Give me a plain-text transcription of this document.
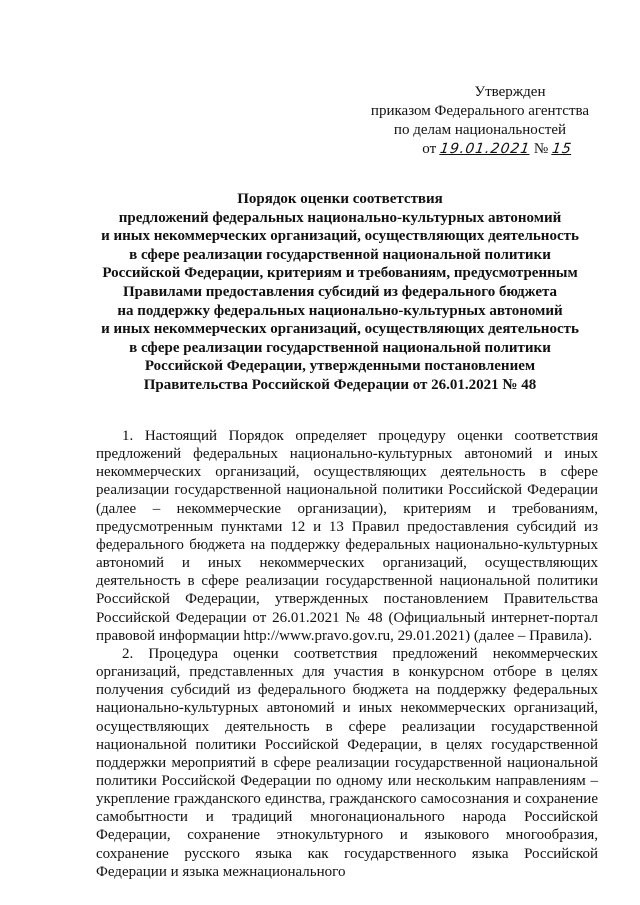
Утвержден
приказом Федерального агентства
по делам национальностей
от 19.01.2021 № 15
Порядок оценки соответствия
предложений федеральных национально-культурных автономий
и иных некоммерческих организаций, осуществляющих деятельность
в сфере реализации государственной национальной политики
Российской Федерации, критериям и требованиям, предусмотренным
Правилами предоставления субсидий из федерального бюджета
на поддержку федеральных национально-культурных автономий
и иных некоммерческих организаций, осуществляющих деятельность
в сфере реализации государственной национальной политики
Российской Федерации, утвержденными постановлением
Правительства Российской Федерации от 26.01.2021 № 48

1. Настоящий Порядок определяет процедуру оценки соответствия предложений федеральных национально-культурных автономий и иных некоммерческих организаций, осуществляющих деятельность в сфере реализации государственной национальной политики Российской Федерации (далее – некоммерческие организации), критериям и требованиям, предусмотренным пунктами 12 и 13 Правил предоставления субсидий из федерального бюджета на поддержку федеральных национально-культурных автономий и иных некоммерческих организаций, осуществляющих деятельность в сфере реализации государственной национальной политики Российской Федерации, утвержденных постановлением Правительства Российской Федерации от 26.01.2021 № 48 (Официальный интернет-портал правовой информации http://www.pravo.gov.ru, 29.01.2021) (далее – Правила).

2. Процедура оценки соответствия предложений некоммерческих организаций, представленных для участия в конкурсном отборе в целях получения субсидий из федерального бюджета на поддержку федеральных национально-культурных автономий и иных некоммерческих организаций, осуществляющих деятельность в сфере реализации государственной национальной политики Российской Федерации, в целях государственной поддержки мероприятий в сфере реализации государственной национальной политики Российской Федерации по одному или нескольким направлениям – укрепление гражданского единства, гражданского самосознания и сохранение самобытности и традиций многонационального народа Российской Федерации, сохранение этнокультурного и языкового многообразия, сохранение русского языка как государственного языка Российской Федерации и языка межнационального
